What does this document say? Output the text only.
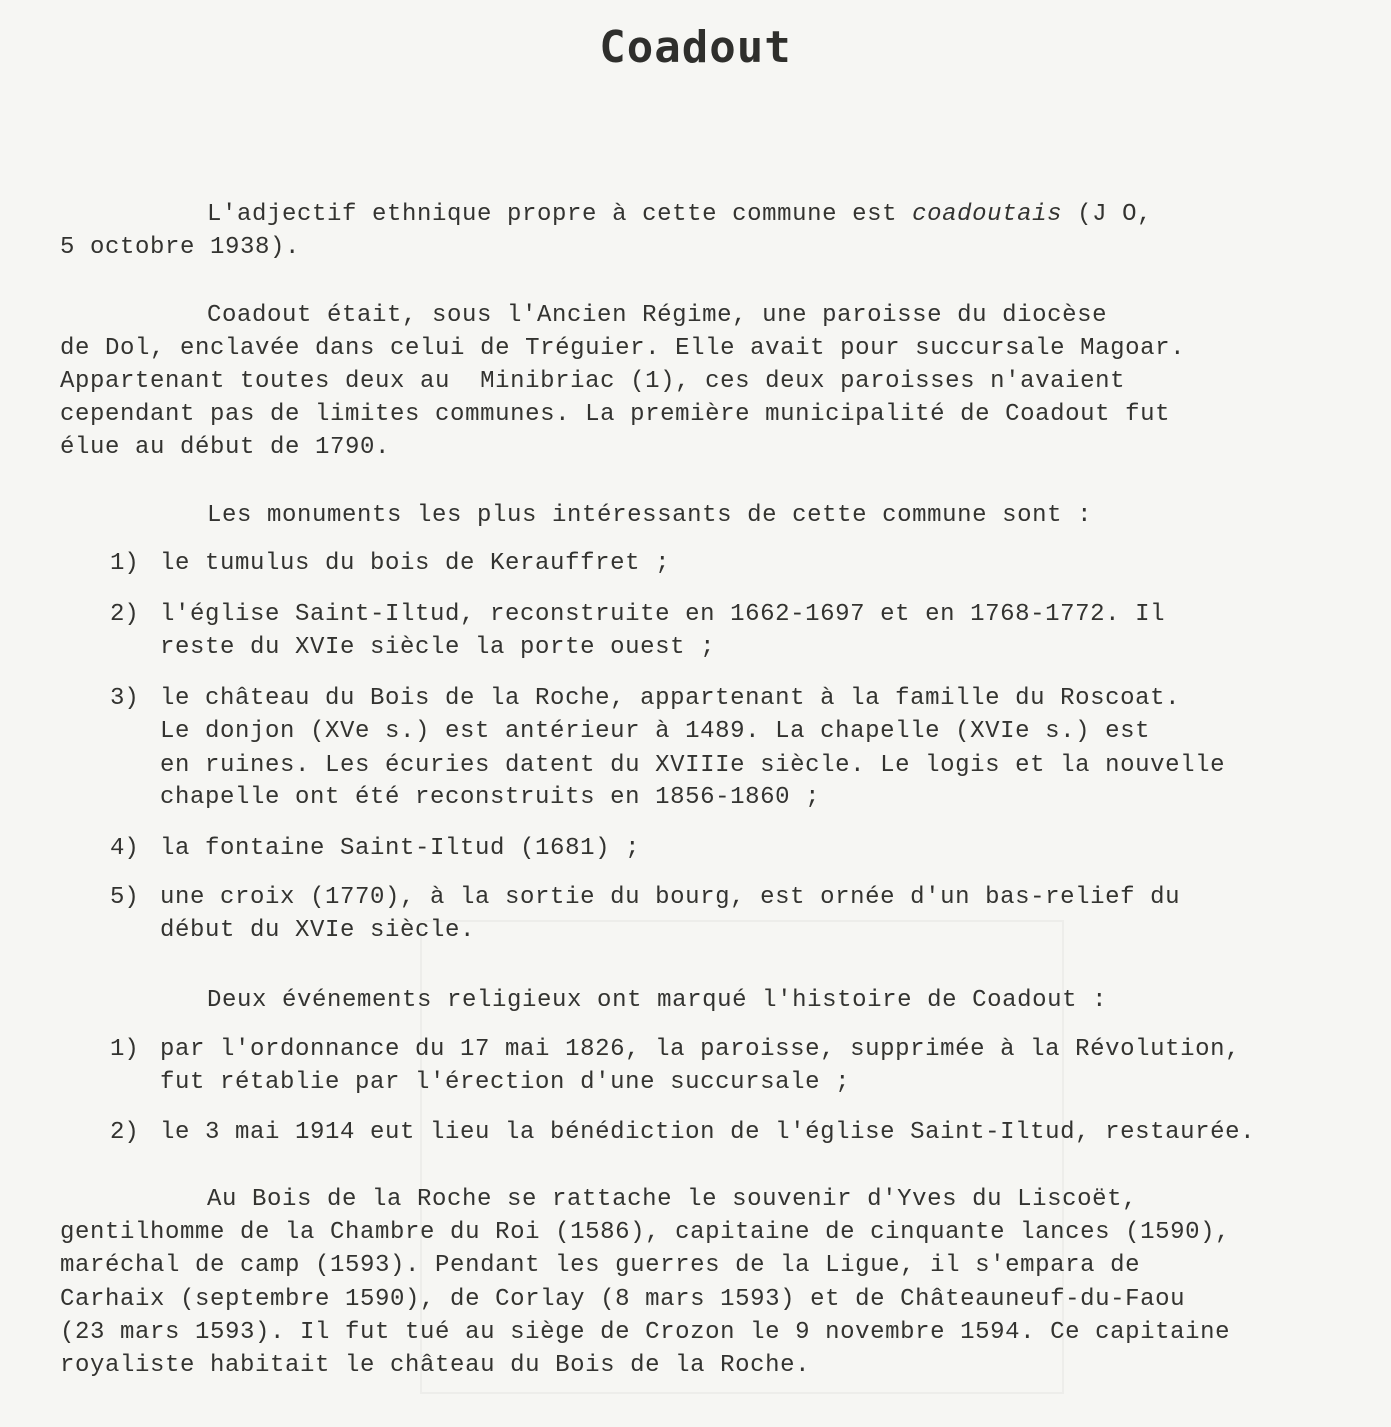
Coadout
L'adjectif ethnique propre à cette commune est coadoutais (J O,
5 octobre 1938).
Coadout était, sous l'Ancien Régime, une paroisse du diocèse
de Dol, enclavée dans celui de Tréguier. Elle avait pour succursale Magoar.
Appartenant toutes deux au  Minibriac (1), ces deux paroisses n'avaient
cependant pas de limites communes. La première municipalité de Coadout fut
élue au début de 1790.
Les monuments les plus intéressants de cette commune sont :
1) le tumulus du bois de Kerauffret ;
2) l'église Saint-Iltud, reconstruite en 1662-1697 et en 1768-1772. Il
reste du XVIe siècle la porte ouest ;
3) le château du Bois de la Roche, appartenant à la famille du Roscoat.
Le donjon (XVe s.) est antérieur à 1489. La chapelle (XVIe s.) est
en ruines. Les écuries datent du XVIIIe siècle. Le logis et la nouvelle
chapelle ont été reconstruits en 1856-1860 ;
4) la fontaine Saint-Iltud (1681) ;
5) une croix (1770), à la sortie du bourg, est ornée d'un bas-relief du
début du XVIe siècle.
Deux événements religieux ont marqué l'histoire de Coadout :
1) par l'ordonnance du 17 mai 1826, la paroisse, supprimée à la Révolution,
fut rétablie par l'érection d'une succursale ;
2) le 3 mai 1914 eut lieu la bénédiction de l'église Saint-Iltud, restaurée.
Au Bois de la Roche se rattache le souvenir d'Yves du Liscoët,
gentilhomme de la Chambre du Roi (1586), capitaine de cinquante lances (1590),
maréchal de camp (1593). Pendant les guerres de la Ligue, il s'empara de
Carhaix (septembre 1590), de Corlay (8 mars 1593) et de Châteauneuf-du-Faou
(23 mars 1593). Il fut tué au siège de Crozon le 9 novembre 1594. Ce capitaine
royaliste habitait le château du Bois de la Roche.
